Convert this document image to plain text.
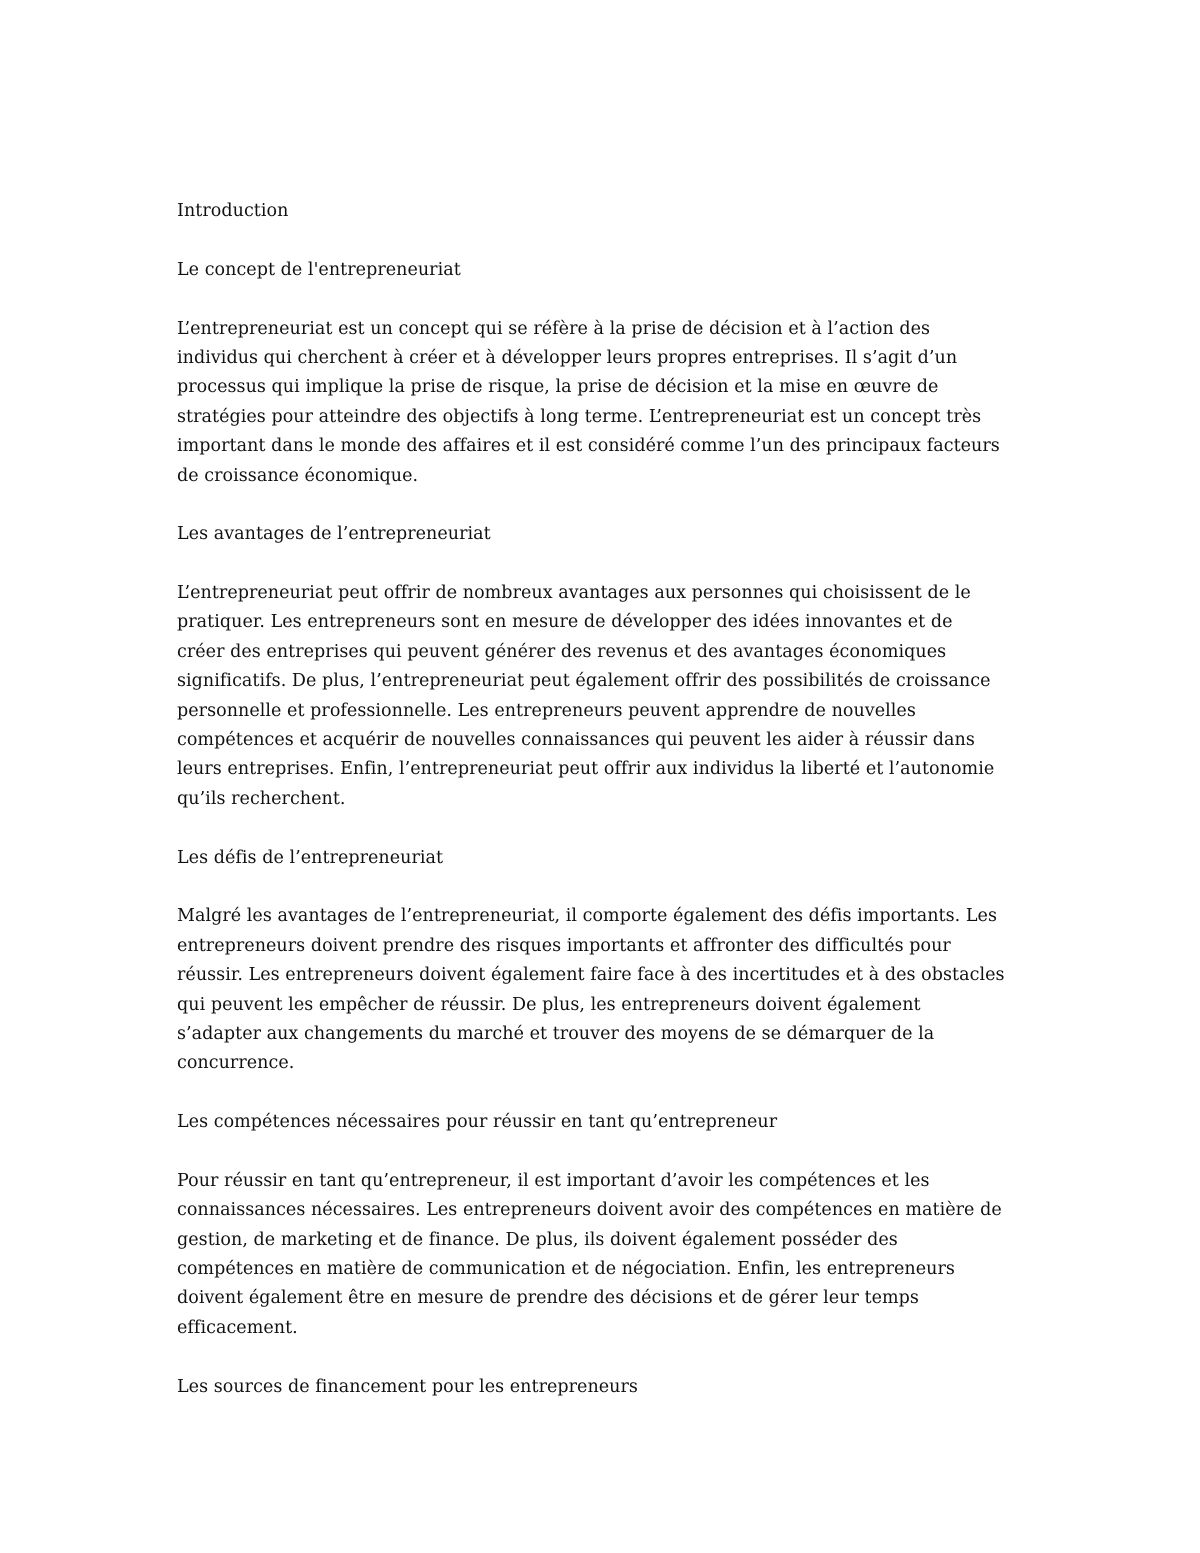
Introduction
Le concept de l'entrepreneuriat
L’entrepreneuriat est un concept qui se réfère à la prise de décision et à l’action des
individus qui cherchent à créer et à développer leurs propres entreprises. Il s’agit d’un
processus qui implique la prise de risque, la prise de décision et la mise en œuvre de
stratégies pour atteindre des objectifs à long terme. L’entrepreneuriat est un concept très
important dans le monde des affaires et il est considéré comme l’un des principaux facteurs
de croissance économique.
Les avantages de l’entrepreneuriat
L’entrepreneuriat peut offrir de nombreux avantages aux personnes qui choisissent de le
pratiquer. Les entrepreneurs sont en mesure de développer des idées innovantes et de
créer des entreprises qui peuvent générer des revenus et des avantages économiques
significatifs. De plus, l’entrepreneuriat peut également offrir des possibilités de croissance
personnelle et professionnelle. Les entrepreneurs peuvent apprendre de nouvelles
compétences et acquérir de nouvelles connaissances qui peuvent les aider à réussir dans
leurs entreprises. Enfin, l’entrepreneuriat peut offrir aux individus la liberté et l’autonomie
qu’ils recherchent.
Les défis de l’entrepreneuriat
Malgré les avantages de l’entrepreneuriat, il comporte également des défis importants. Les
entrepreneurs doivent prendre des risques importants et affronter des difficultés pour
réussir. Les entrepreneurs doivent également faire face à des incertitudes et à des obstacles
qui peuvent les empêcher de réussir. De plus, les entrepreneurs doivent également
s’adapter aux changements du marché et trouver des moyens de se démarquer de la
concurrence.
Les compétences nécessaires pour réussir en tant qu’entrepreneur
Pour réussir en tant qu’entrepreneur, il est important d’avoir les compétences et les
connaissances nécessaires. Les entrepreneurs doivent avoir des compétences en matière de
gestion, de marketing et de finance. De plus, ils doivent également posséder des
compétences en matière de communication et de négociation. Enfin, les entrepreneurs
doivent également être en mesure de prendre des décisions et de gérer leur temps
efficacement.
Les sources de financement pour les entrepreneurs
